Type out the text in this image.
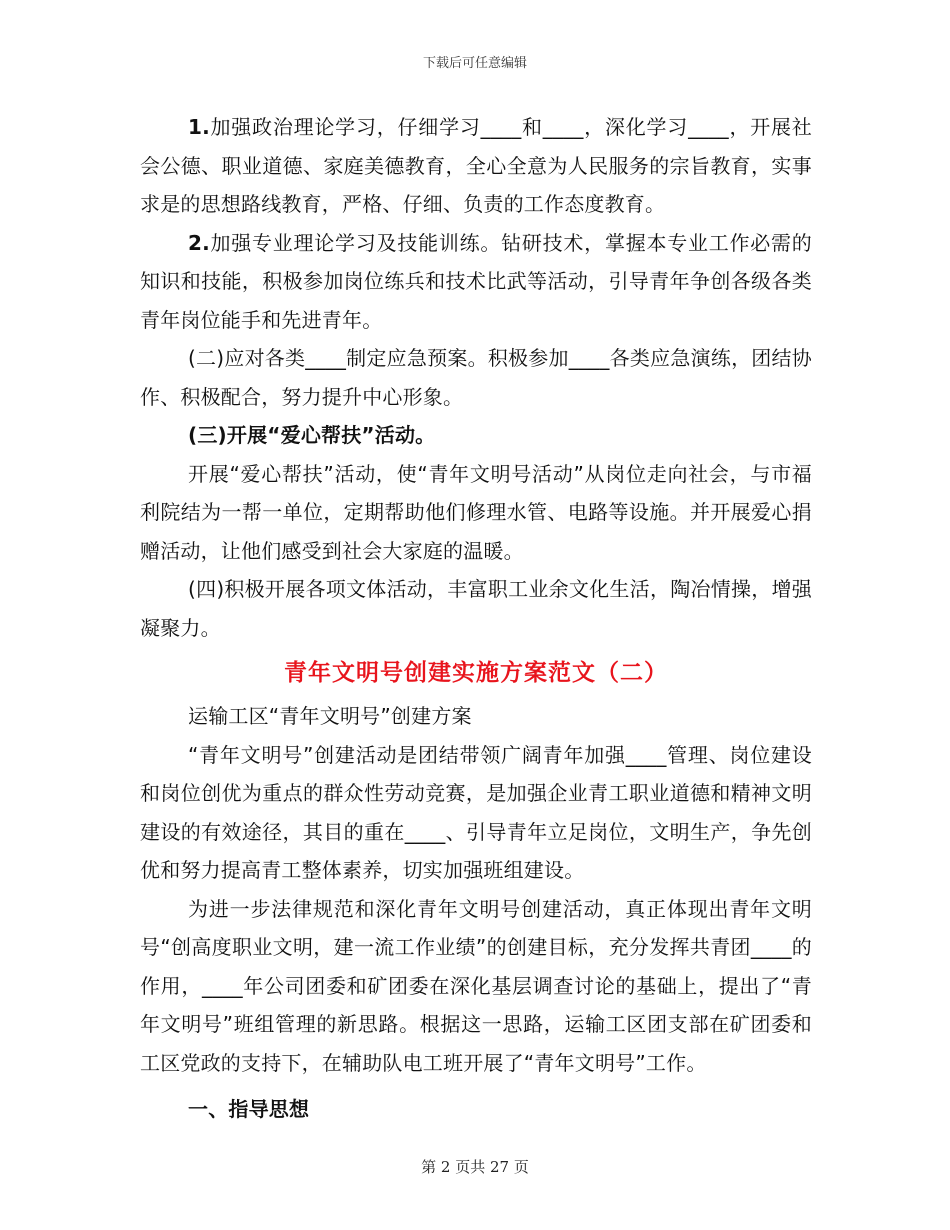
下载后可任意编辑

1.加强政治理论学习，仔细学习____和____，深化学习____，开展社会公德、职业道德、家庭美德教育，全心全意为人民服务的宗旨教育，实事求是的思想路线教育，严格、仔细、负责的工作态度教育。

2.加强专业理论学习及技能训练。钻研技术，掌握本专业工作必需的知识和技能，积极参加岗位练兵和技术比武等活动，引导青年争创各级各类青年岗位能手和先进青年。

(二)应对各类____制定应急预案。积极参加____各类应急演练，团结协作、积极配合，努力提升中心形象。

(三)开展“爱心帮扶”活动。

开展“爱心帮扶”活动，使“青年文明号活动”从岗位走向社会，与市福利院结为一帮一单位，定期帮助他们修理水管、电路等设施。并开展爱心捐赠活动，让他们感受到社会大家庭的温暖。

(四)积极开展各项文体活动，丰富职工业余文化生活，陶冶情操，增强凝聚力。

青年文明号创建实施方案范文（二）

运输工区“青年文明号”创建方案

“青年文明号”创建活动是团结带领广阔青年加强____管理、岗位建设和岗位创优为重点的群众性劳动竞赛，是加强企业青工职业道德和精神文明建设的有效途径，其目的重在____、引导青年立足岗位，文明生产，争先创优和努力提高青工整体素养，切实加强班组建设。

为进一步法律规范和深化青年文明号创建活动，真正体现出青年文明号“创高度职业文明，建一流工作业绩”的创建目标，充分发挥共青团____的作用，____年公司团委和矿团委在深化基层调查讨论的基础上，提出了“青年文明号”班组管理的新思路。根据这一思路，运输工区团支部在矿团委和工区党政的支持下，在辅助队电工班开展了“青年文明号”工作。

一、指导思想

第 2 页共 27 页
